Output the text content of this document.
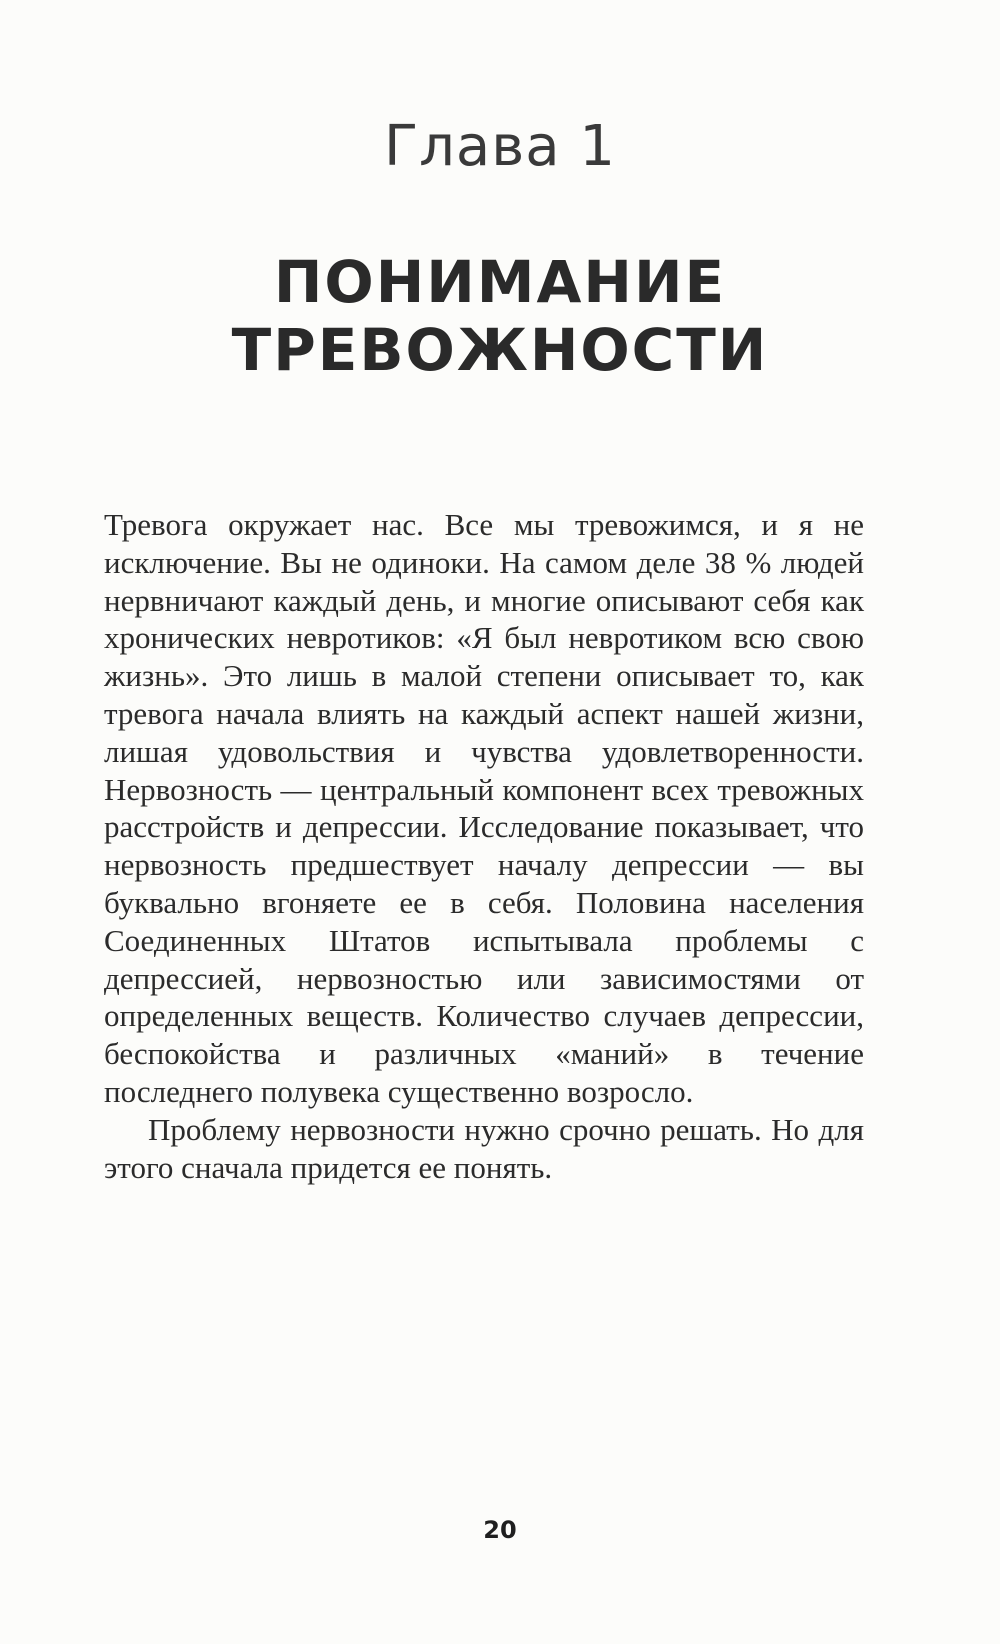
Глава 1
ПОНИМАНИЕ
ТРЕВОЖНОСТИ

Тревога окружает нас. Все мы тревожимся, и я не исключение. Вы не одиноки. На самом деле 38 % людей нервничают каждый день, и многие описывают себя как хронических невротиков: «Я был невротиком всю свою жизнь». Это лишь в малой степени описывает то, как тревога начала влиять на каждый аспект нашей жизни, лишая удовольствия и чувства удовлетворенности. Нервозность — центральный компонент всех тревожных расстройств и депрессии. Исследование показывает, что нервозность предшествует началу депрессии — вы буквально вгоняете ее в себя. Половина населения Соединенных Штатов испытывала проблемы с депрессией, нервозностью или зависимостями от определенных веществ. Количество случаев депрессии, беспокойства и различных «маний» в течение последнего полувека существенно возросло.

Проблему нервозности нужно срочно решать. Но для этого сначала придется ее понять.

20
